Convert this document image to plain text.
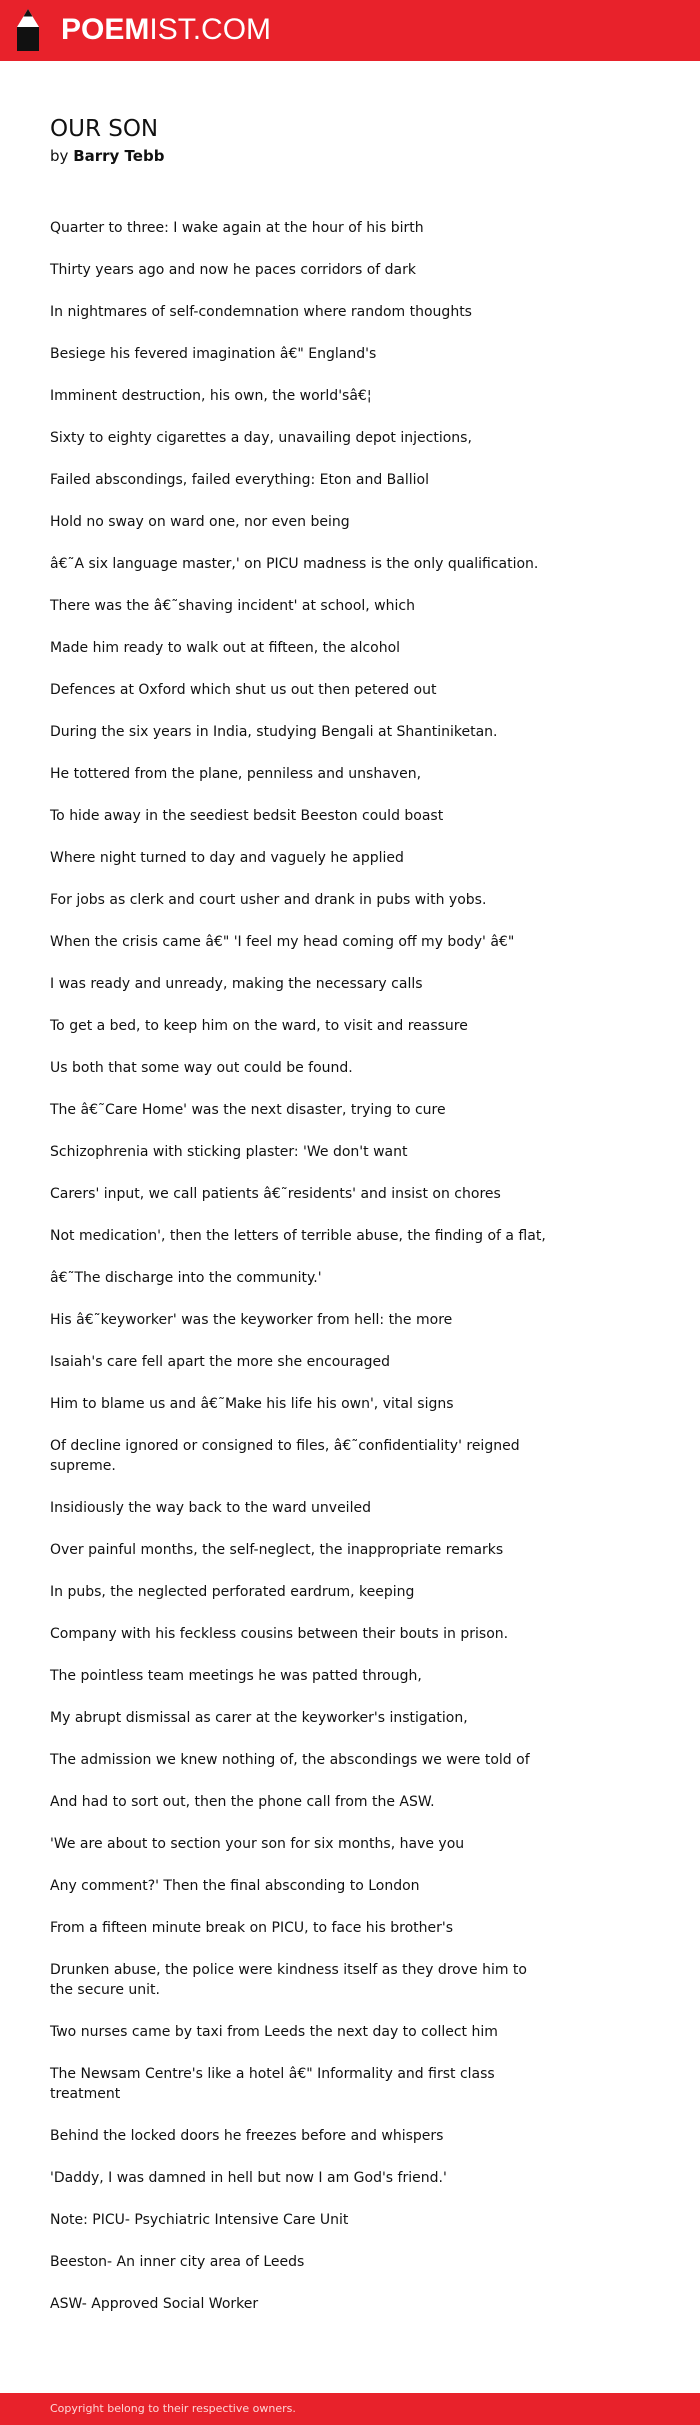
POEMIST.COM
OUR SON
by Barry Tebb

Quarter to three: I wake again at the hour of his birth

Thirty years ago and now he paces corridors of dark

In nightmares of self-condemnation where random thoughts

Besiege his fevered imagination â€" England's

Imminent destruction, his own, the world'sâ€¦

Sixty to eighty cigarettes a day, unavailing depot injections,

Failed abscondings, failed everything: Eton and Balliol

Hold no sway on ward one, nor even being

â€˜A six language master,' on PICU madness is the only qualification.

There was the â€˜shaving incident' at school, which

Made him ready to walk out at fifteen, the alcohol

Defences at Oxford which shut us out then petered out

During the six years in India, studying Bengali at Shantiniketan.

He tottered from the plane, penniless and unshaven,

To hide away in the seediest bedsit Beeston could boast

Where night turned to day and vaguely he applied

For jobs as clerk and court usher and drank in pubs with yobs.

When the crisis came â€" 'I feel my head coming off my body' â€"

I was ready and unready, making the necessary calls

To get a bed, to keep him on the ward, to visit and reassure

Us both that some way out could be found.

The â€˜Care Home' was the next disaster, trying to cure

Schizophrenia with sticking plaster: 'We don't want

Carers' input, we call patients â€˜residents' and insist on chores

Not medication', then the letters of terrible abuse, the finding of a flat,

â€˜The discharge into the community.'

His â€˜keyworker' was the keyworker from hell: the more

Isaiah's care fell apart the more she encouraged

Him to blame us and â€˜Make his life his own', vital signs

Of decline ignored or consigned to files, â€˜confidentiality' reigned supreme.

Insidiously the way back to the ward unveiled

Over painful months, the self-neglect, the inappropriate remarks

In pubs, the neglected perforated eardrum, keeping

Company with his feckless cousins between their bouts in prison.

The pointless team meetings he was patted through,

My abrupt dismissal as carer at the keyworker's instigation,

The admission we knew nothing of, the abscondings we were told of

And had to sort out, then the phone call from the ASW.

'We are about to section your son for six months, have you

Any comment?' Then the final absconding to London

From a fifteen minute break on PICU, to face his brother's

Drunken abuse, the police were kindness itself as they drove him to the secure unit.

Two nurses came by taxi from Leeds the next day to collect him

The Newsam Centre's like a hotel â€" Informality and first class treatment

Behind the locked doors he freezes before and whispers

'Daddy, I was damned in hell but now I am God's friend.'

Note: PICU- Psychiatric Intensive Care Unit

Beeston- An inner city area of Leeds

ASW- Approved Social Worker

Copyright belong to their respective owners.
